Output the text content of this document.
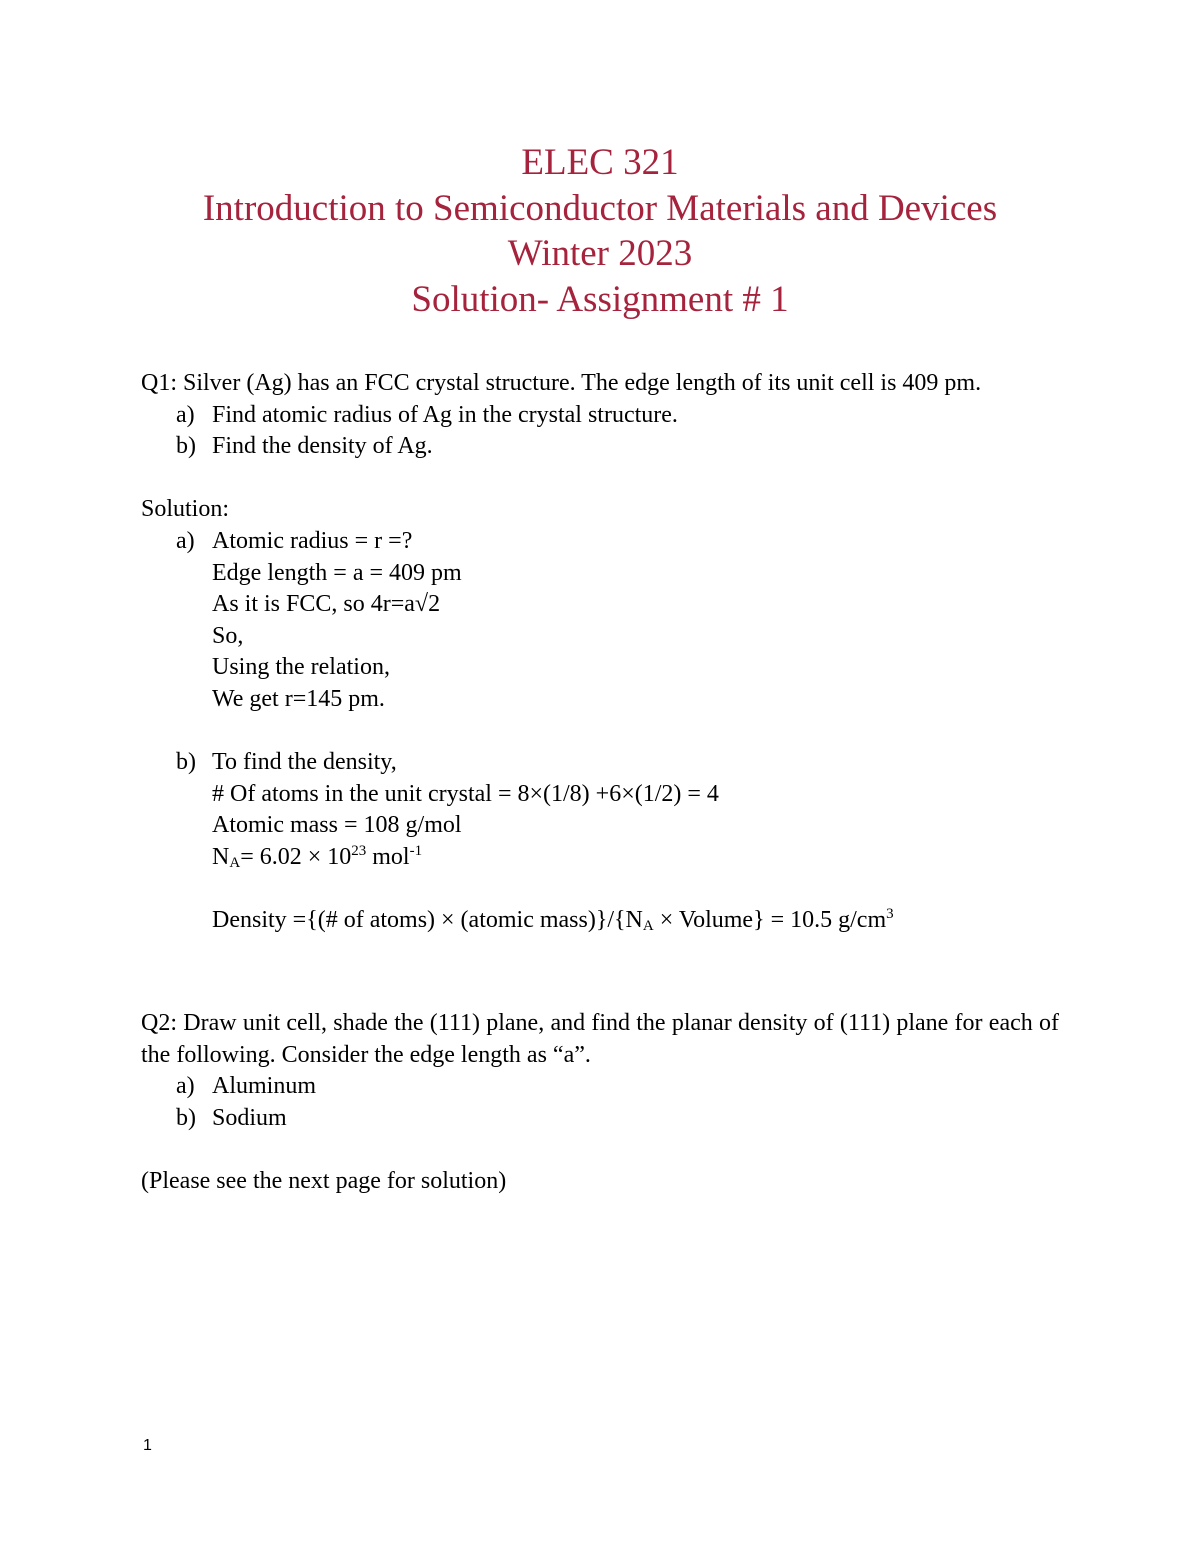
ELEC 321
Introduction to Semiconductor Materials and Devices
Winter 2023
Solution- Assignment # 1

Q1: Silver (Ag) has an FCC crystal structure. The edge length of its unit cell is 409 pm.

a) Find atomic radius of Ag in the crystal structure.
b) Find the density of Ag.

Solution:

a) Atomic radius = r =?
Edge length = a = 409 pm
As it is FCC, so 4r=a√2
So,
Using the relation,
We get r=145 pm.
b) To find the density,
# Of atoms in the unit crystal = 8×(1/8) +6×(1/2) = 4
Atomic mass = 108 g/mol
$N_A= 6.02 \times 10^{23}$ mol$^{-1}$
Density ={(# of atoms) × (atomic $mass)\}/\{N_A$ × Volume} = 10.5 $g/cm^3$

Q2: Draw unit cell, shade the (111) plane, and find the planar density of (111) plane for each of the following. Consider the edge length as “a”.

a) Aluminum
b) Sodium

(Please see the next page for solution)

1
